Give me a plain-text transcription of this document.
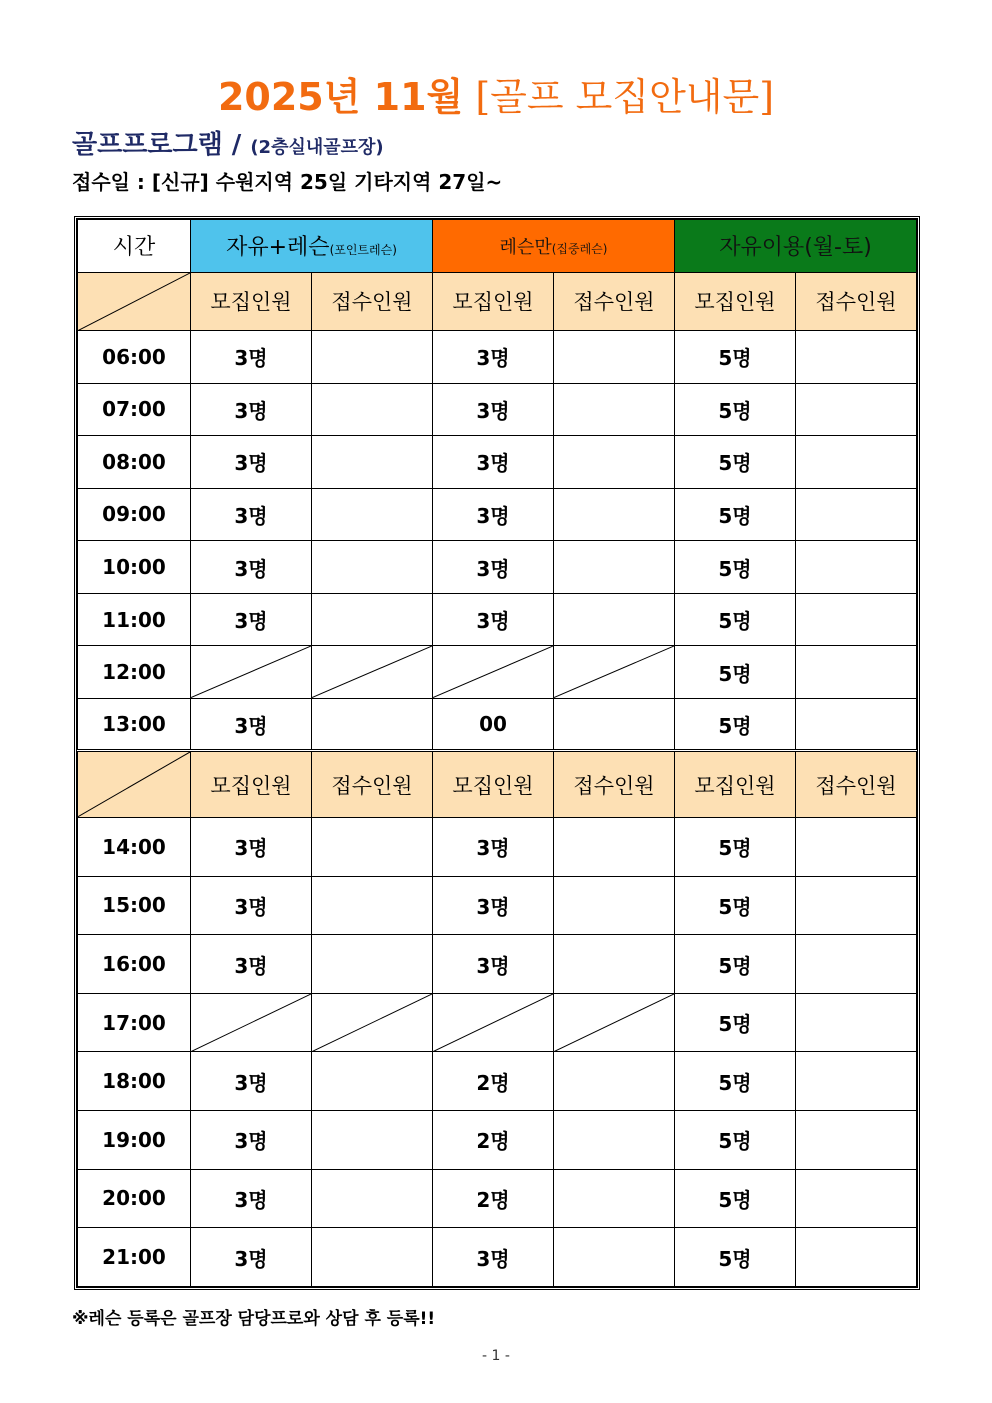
2025년 11월 [골프 모집안내문]
골프프로그램 / (2층실내골프장)
접수일 : [신규] 수원지역 25일 기타지역 27일~
시간	자유+레슨(포인트레슨)		레슨만(집중레슨)		자유이용(월-토)	

	모집인원	접수인원	모집인원	접수인원	모집인원	접수인원
06:00	3명		3명		5명	
07:00	3명		3명		5명	
08:00	3명		3명		5명	
09:00	3명		3명		5명	
10:00	3명		3명		5명	
11:00	3명		3명		5명	
12:00					5명	
13:00	3명		00		5명	

	모집인원	접수인원	모집인원	접수인원	모집인원	접수인원
14:00	3명		3명		5명	
15:00	3명		3명		5명	
16:00	3명		3명		5명	
17:00					5명	
18:00	3명		2명		5명	
19:00	3명		2명		5명	
20:00	3명		2명		5명	
21:00	3명		3명		5명	
※레슨 등록은 골프장 담당프로와 상담 후 등록!!
- 1 -
